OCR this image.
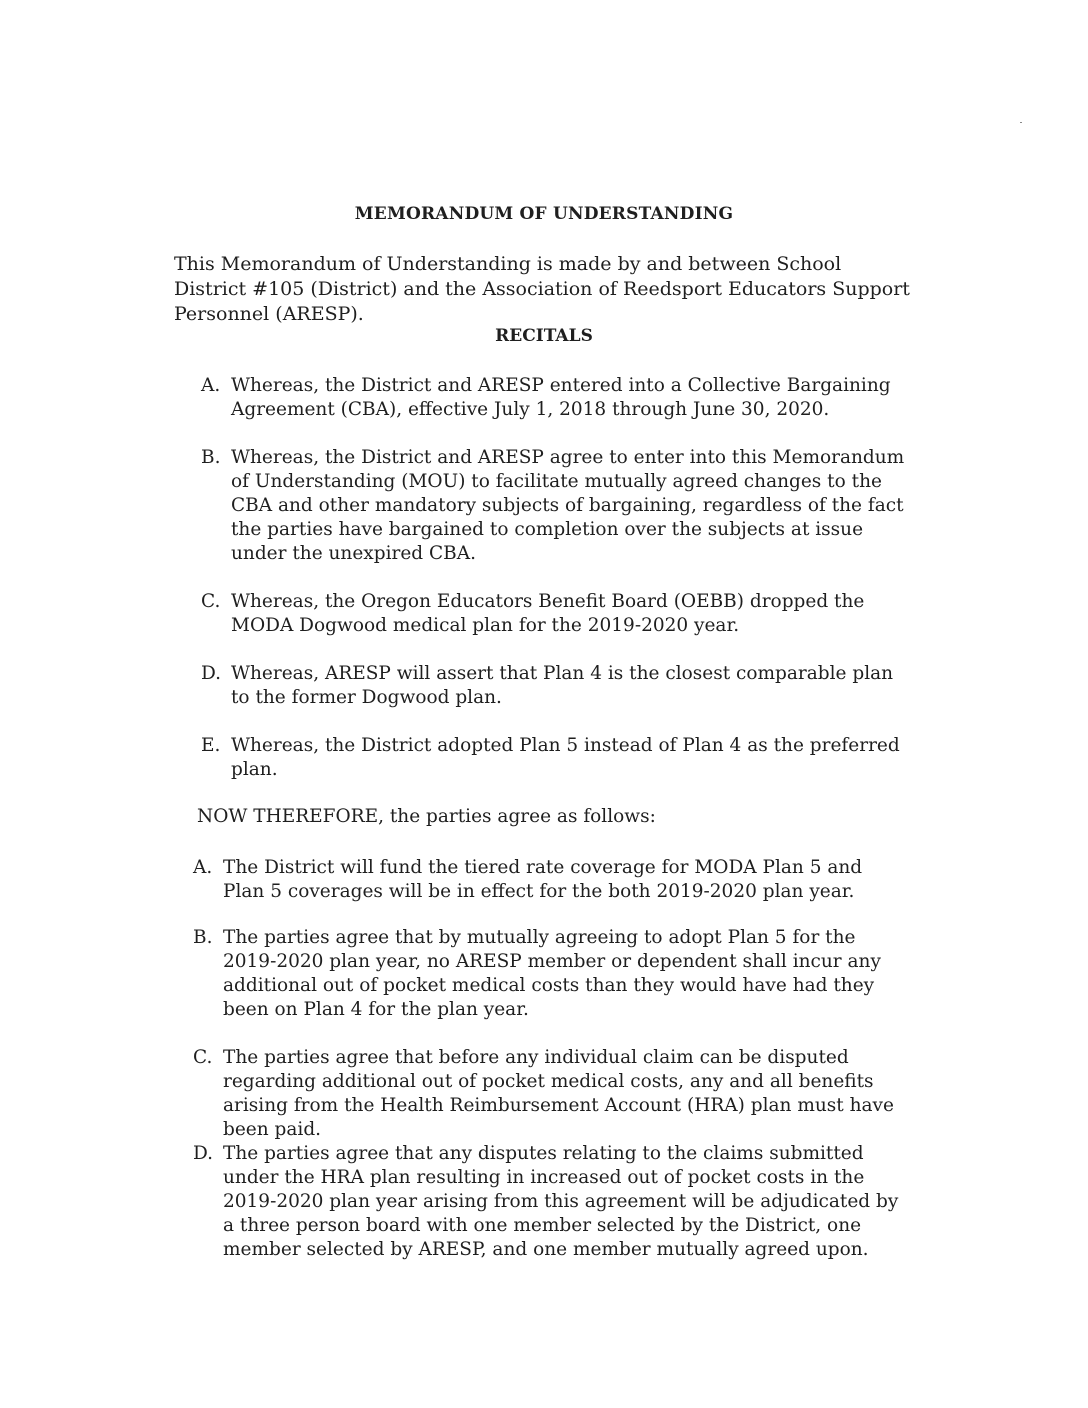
MEMORANDUM OF UNDERSTANDING
This Memorandum of Understanding is made by and between School District #105 (District) and the Association of Reedsport Educators Support Personnel (ARESP).
RECITALS
A. Whereas, the District and ARESP entered into a Collective Bargaining Agreement (CBA), effective July 1, 2018 through June 30, 2020.
B. Whereas, the District and ARESP agree to enter into this Memorandum of Understanding (MOU) to facilitate mutually agreed changes to the CBA and other mandatory subjects of bargaining, regardless of the fact the parties have bargained to completion over the subjects at issue under the unexpired CBA.
C. Whereas, the Oregon Educators Benefit Board (OEBB) dropped the MODA Dogwood medical plan for the 2019-2020 year.
D. Whereas, ARESP will assert that Plan 4 is the closest comparable plan to the former Dogwood plan.
E. Whereas, the District adopted Plan 5 instead of Plan 4 as the preferred plan.
NOW THEREFORE, the parties agree as follows:
A. The District will fund the tiered rate coverage for MODA Plan 5 and Plan 5 coverages will be in effect for the both 2019-2020 plan year.
B. The parties agree that by mutually agreeing to adopt Plan 5 for the 2019-2020 plan year, no ARESP member or dependent shall incur any additional out of pocket medical costs than they would have had they been on Plan 4 for the plan year.
C. The parties agree that before any individual claim can be disputed regarding additional out of pocket medical costs, any and all benefits arising from the Health Reimbursement Account (HRA) plan must have been paid.
D. The parties agree that any disputes relating to the claims submitted under the HRA plan resulting in increased out of pocket costs in the 2019-2020 plan year arising from this agreement will be adjudicated by a three person board with one member selected by the District, one member selected by ARESP, and one member mutually agreed upon.
